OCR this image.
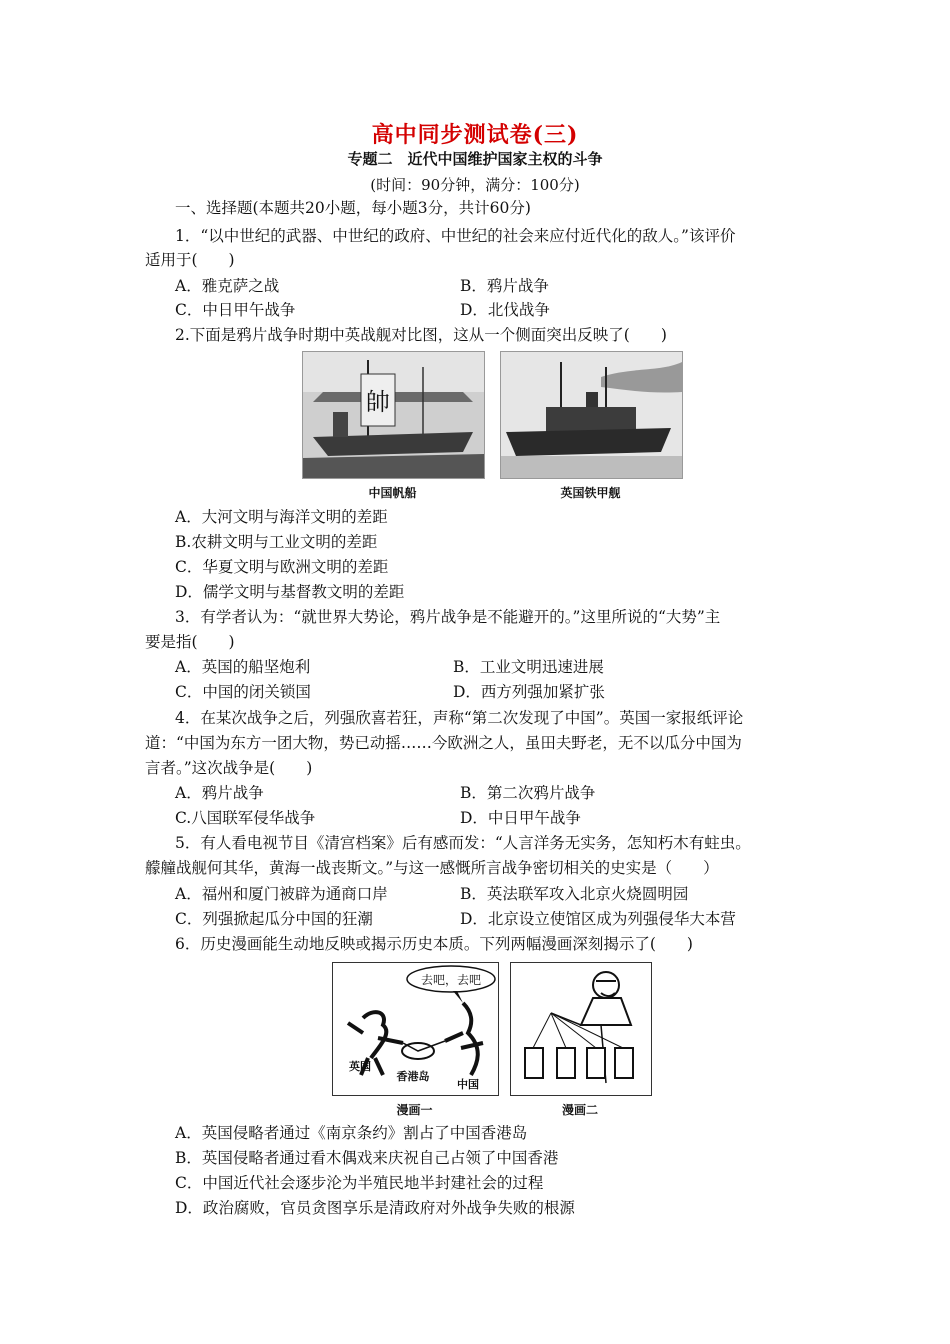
高中同步测试卷(三)
专题二　近代中国维护国家主权的斗争
(时间：90分钟，满分：100分)
一、选择题(本题共20小题，每小题3分，共计60分)
1．“以中世纪的武器、中世纪的政府、中世纪的社会来应付近代化的敌人。”该评价
适用于(　　)
A．雅克萨之战	B．鸦片战争
C．中日甲午战争	D．北伐战争
2.下面是鸦片战争时期中英战舰对比图，这从一个侧面突出反映了(　　)
帥
中国帆船	英国铁甲舰
A．大河文明与海洋文明的差距
B.农耕文明与工业文明的差距
C．华夏文明与欧洲文明的差距
D．儒学文明与基督教文明的差距
3．有学者认为：“就世界大势论，鸦片战争是不能避开的。”这里所说的“大势”主
要是指(　　)
A．英国的船坚炮利	B．工业文明迅速进展
C．中国的闭关锁国	D．西方列强加紧扩张
4．在某次战争之后，列强欣喜若狂，声称“第二次发现了中国”。英国一家报纸评论
道：“中国为东方一团大物，势已动摇……今欧洲之人，虽田夫野老，无不以瓜分中国为
言者。”这次战争是(　　)
A．鸦片战争	B．第二次鸦片战争
C.八国联军侵华战争	D．中日甲午战争
5．有人看电视节目《清宫档案》后有感而发：“人言洋务无实务，怎知朽木有蛀虫。
艨艟战舰何其华，黄海一战丧斯文。”与这一感慨所言战争密切相关的史实是（　　）
A．福州和厦门被辟为通商口岸	B．英法联军攻入北京火烧圆明园
C．列强掀起瓜分中国的狂潮	D．北京设立使馆区成为列强侵华大本营
6．历史漫画能生动地反映或揭示历史本质。下列两幅漫画深刻揭示了(　　)
去吧，去吧
英国
香港岛
中国
漫画一	漫画二
A．英国侵略者通过《南京条约》割占了中国香港岛
B．英国侵略者通过看木偶戏来庆祝自己占领了中国香港
C．中国近代社会逐步沦为半殖民地半封建社会的过程
D．政治腐败，官员贪图享乐是清政府对外战争失败的根源
